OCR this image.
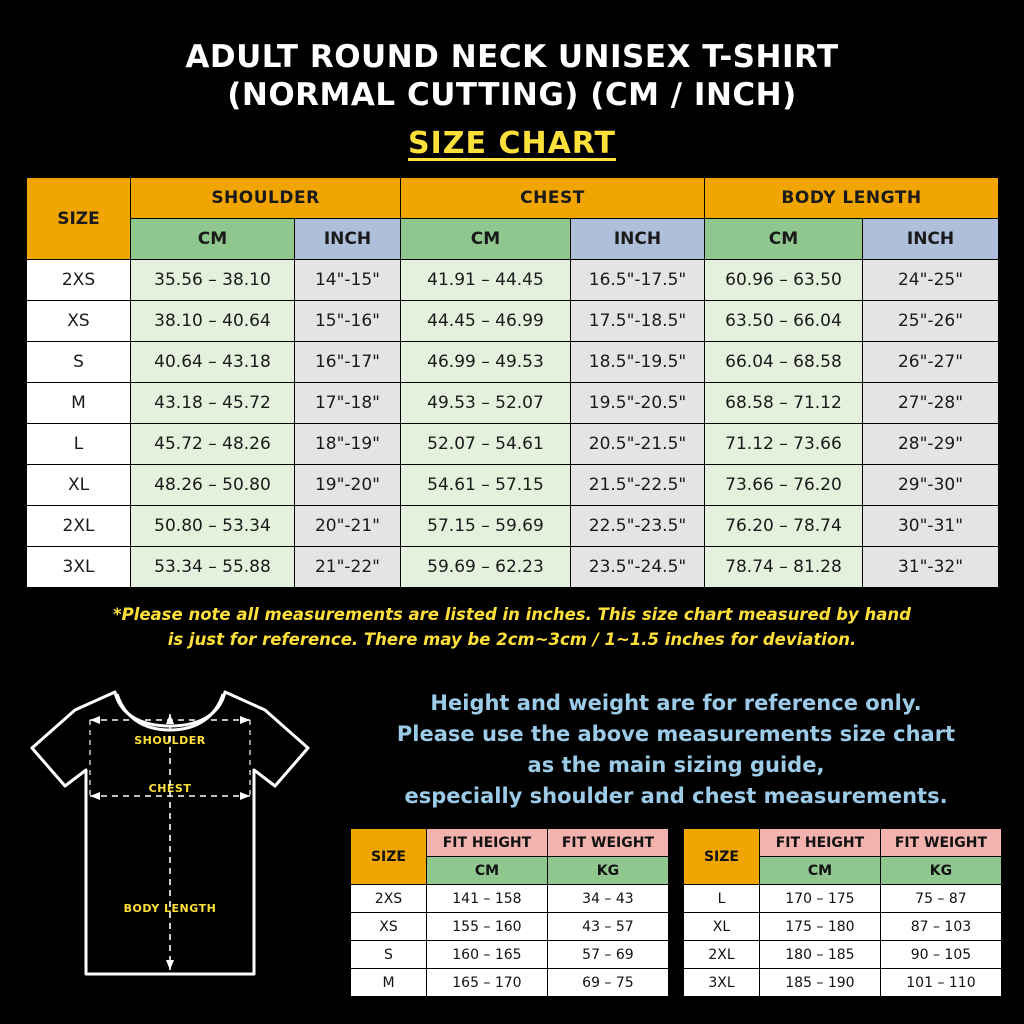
ADULT ROUND NECK UNISEX T-SHIRT
(NORMAL CUTTING) (CM / INCH)
SIZE CHART
SIZE	SHOULDER		CHEST		BODY LENGTH	
	CM	INCH	CM	INCH	CM	INCH
2XS	35.56 – 38.10	14"-15"	41.91 – 44.45	16.5"-17.5"	60.96 – 63.50	24"-25"
XS	38.10 – 40.64	15"-16"	44.45 – 46.99	17.5"-18.5"	63.50 – 66.04	25"-26"
S	40.64 – 43.18	16"-17"	46.99 – 49.53	18.5"-19.5"	66.04 – 68.58	26"-27"
M	43.18 – 45.72	17"-18"	49.53 – 52.07	19.5"-20.5"	68.58 – 71.12	27"-28"
L	45.72 – 48.26	18"-19"	52.07 – 54.61	20.5"-21.5"	71.12 – 73.66	28"-29"
XL	48.26 – 50.80	19"-20"	54.61 – 57.15	21.5"-22.5"	73.66 – 76.20	29"-30"
2XL	50.80 – 53.34	20"-21"	57.15 – 59.69	22.5"-23.5"	76.20 – 78.74	30"-31"
3XL	53.34 – 55.88	21"-22"	59.69 – 62.23	23.5"-24.5"	78.74 – 81.28	31"-32"
*Please note all measurements are listed in inches. This size chart measured by hand
is just for reference. There may be 2cm~3cm / 1~1.5 inches for deviation.
SHOULDER
CHEST
BODY LENGTH
Height and weight are for reference only.
Please use the above measurements size chart
as the main sizing guide,
especially shoulder and chest measurements.
SIZE	FIT HEIGHT	FIT WEIGHT
	CM	KG
2XS	141 – 158	34 – 43
XS	155 – 160	43 – 57
S	160 – 165	57 – 69
M	165 – 170	69 – 75
SIZE	FIT HEIGHT	FIT WEIGHT
	CM	KG
L	170 – 175	75 – 87
XL	175 – 180	87 – 103
2XL	180 – 185	90 – 105
3XL	185 – 190	101 – 110
